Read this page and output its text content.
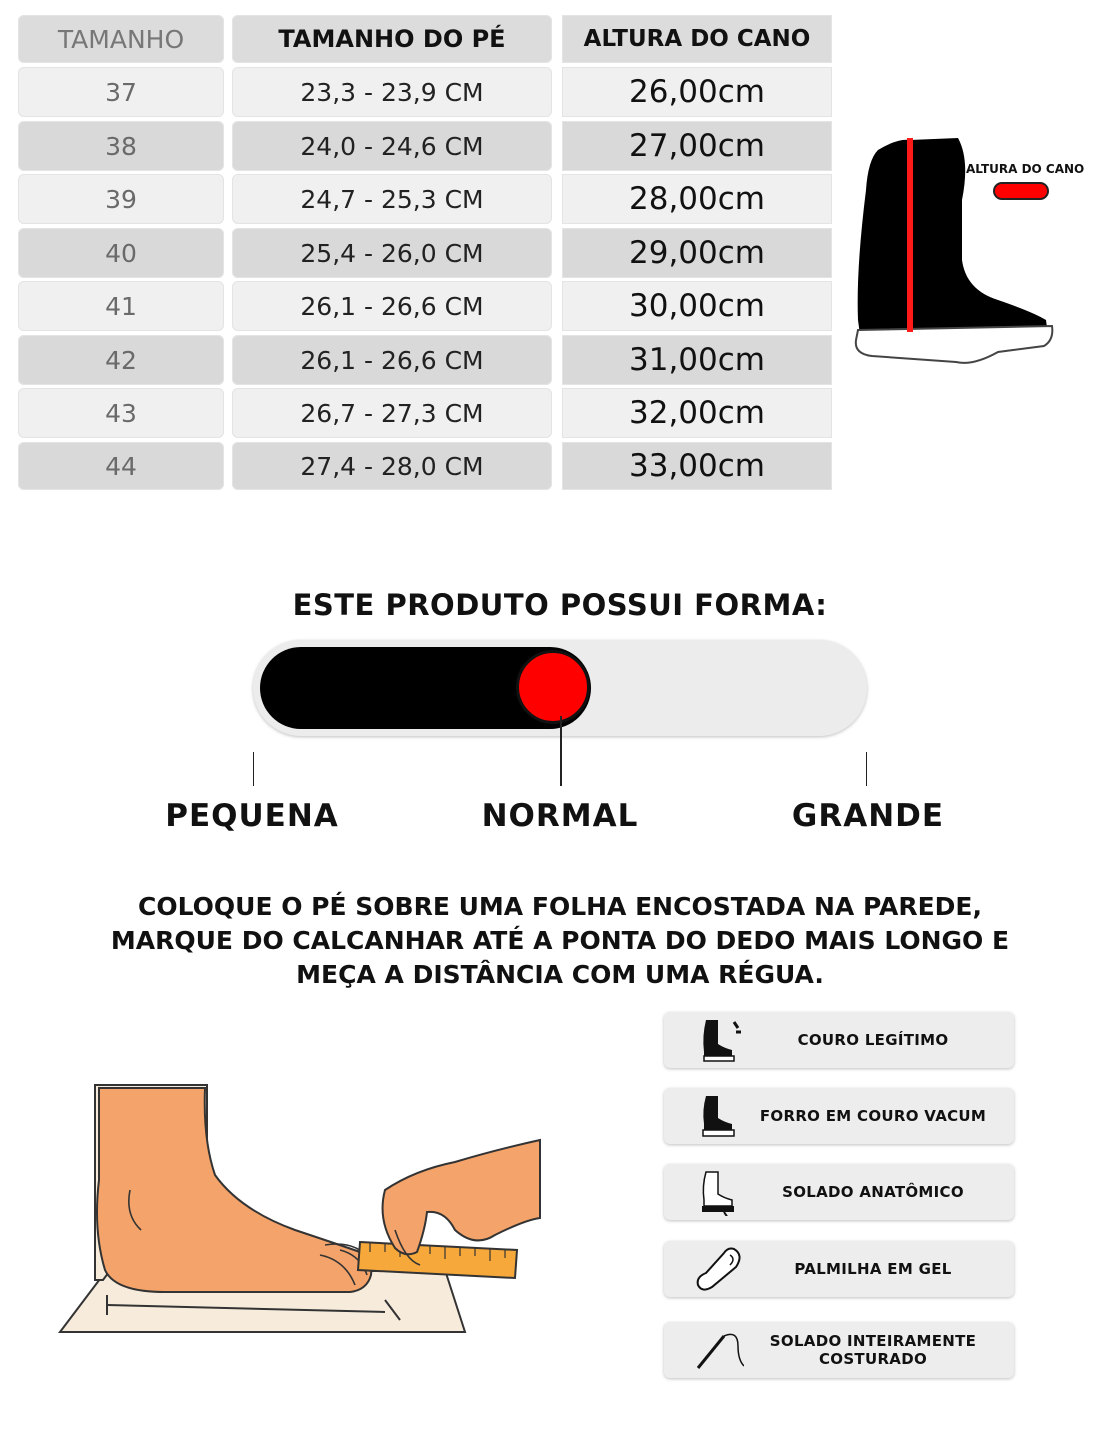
TAMANHO	TAMANHO DO PÉ	ALTURA DO CANO
37	23,3 - 23,9 CM	26,00cm
38	24,0 - 24,6 CM	27,00cm
39	24,7 - 25,3 CM	28,00cm
40	25,4 - 26,0 CM	29,00cm
41	26,1 - 26,6 CM	30,00cm
42	26,1 - 26,6 CM	31,00cm
43	26,7 - 27,3 CM	32,00cm
44	27,4 - 28,0 CM	33,00cm
ALTURA DO CANO
ESTE PRODUTO POSSUI FORMA:
PEQUENA	NORMAL	GRANDE
COLOQUE O PÉ SOBRE UMA FOLHA ENCOSTADA NA PAREDE,
MARQUE DO CALCANHAR ATÉ A PONTA DO DEDO MAIS LONGO E
MEÇA A DISTÂNCIA COM UMA RÉGUA.
COURO LEGÍTIMO
FORRO EM COURO VACUM
SOLADO ANATÔMICO
PALMILHA EM GEL
SOLADO INTEIRAMENTE COSTURADO
